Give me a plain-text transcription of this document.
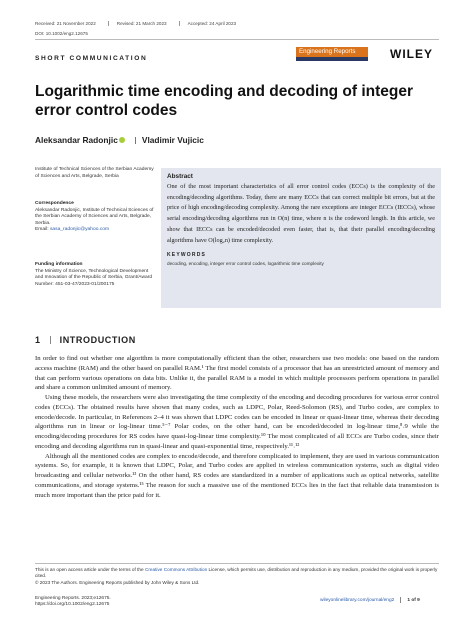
Received: 21 November 2022	Revised: 21 March 2023	Accepted: 24 April 2023
DOI: 10.1002/eng2.12675
SHORT COMMUNICATION
Engineering Reports	WILEY
Logarithmic time encoding and decoding of integer error control codes
Aleksandar Radonjic	Vladimir Vujicic
Institute of Technical Sciences of the Serbian Academy of Sciences and Arts, Belgrade, Serbia
Correspondence
Aleksandar Radonjic, Institute of Technical Sciences of the Serbian Academy of Sciences and Arts, Belgrade, Serbia.
Email: sasa_radonjic@yahoo.com
Funding information
The Ministry of Science, Technological Development and Innovation of the Republic of Serbia, Grant/Award Number: 451-03-47/2023-01/200175
Abstract

One of the most important characteristics of all error control codes (ECCs) is the complexity of the encoding/decoding algorithms. Today, there are many ECCs that can correct multiple bit errors, but at the price of high encoding/decoding complexity. Among the rare exceptions are integer ECCs (IECCs), whose serial encoding/decoding algorithms run in O(n) time, where n is the codeword length. In this article, we show that IECCs can be encoded/decoded even faster, that is, that their parallel encoding/decoding algorithms have O(log₂n) time complexity.

KEYWORDS
decoding, encoding, integer error control codes, logarithmic time complexity
1 INTRODUCTION

In order to find out whether one algorithm is more computationally efficient than the other, researchers use two models: one based on the random access machine (RAM) and the other based on parallel RAM.¹ The first model consists of a processor that has an unrestricted amount of memory and that can perform various operations on data bits. Unlike it, the parallel RAM is a model in which multiple processors perform operations in parallel and share a common unlimited amount of memory.

Using these models, the researchers were also investigating the time complexity of the encoding and decoding procedures for various error control codes (ECCs). The obtained results have shown that many codes, such as LDPC, Polar, Reed-Solomon (RS), and Turbo codes, are complex to encode/decode. In particular, in References 2–4 it was shown that LDPC codes can be encoded in linear or quasi-linear time, whereas their decoding algorithms run in linear or log-linear time.⁵⁻⁷ Polar codes, on the other hand, can be encoded/decoded in log-linear time,⁸˒9 while the encoding/decoding procedures for RS codes have quasi-log-linear time complexity.¹⁰ The most complicated of all ECCs are Turbo codes, since their encoding and decoding algorithms run in quasi-linear and quasi-exponential time, respectively.¹¹˒¹²

Although all the mentioned codes are complex to encode/decode, and therefore complicated to implement, they are used in various communication systems. So, for example, it is known that LDPC, Polar, and Turbo codes are applied in wireless communication systems, such as digital video broadcasting and cellular networks.¹³ On the other hand, RS codes are standardized in a number of applications such as optical networks, satellite communications, and storage systems.¹⁵ The reason for such a massive use of the mentioned ECCs lies in the fact that reliable data transmission is much more important than the price paid for it.

This is an open access article under the terms of the Creative Commons Attribution License, which permits use, distribution and reproduction in any medium, provided the original work is properly cited.
© 2023 The Authors. Engineering Reports published by John Wiley & Sons Ltd.
Engineering Reports. 2023;e12675.
https://doi.org/10.1002/eng2.12675
wileyonlinelibrary.com/journal/eng2	1 of 9
